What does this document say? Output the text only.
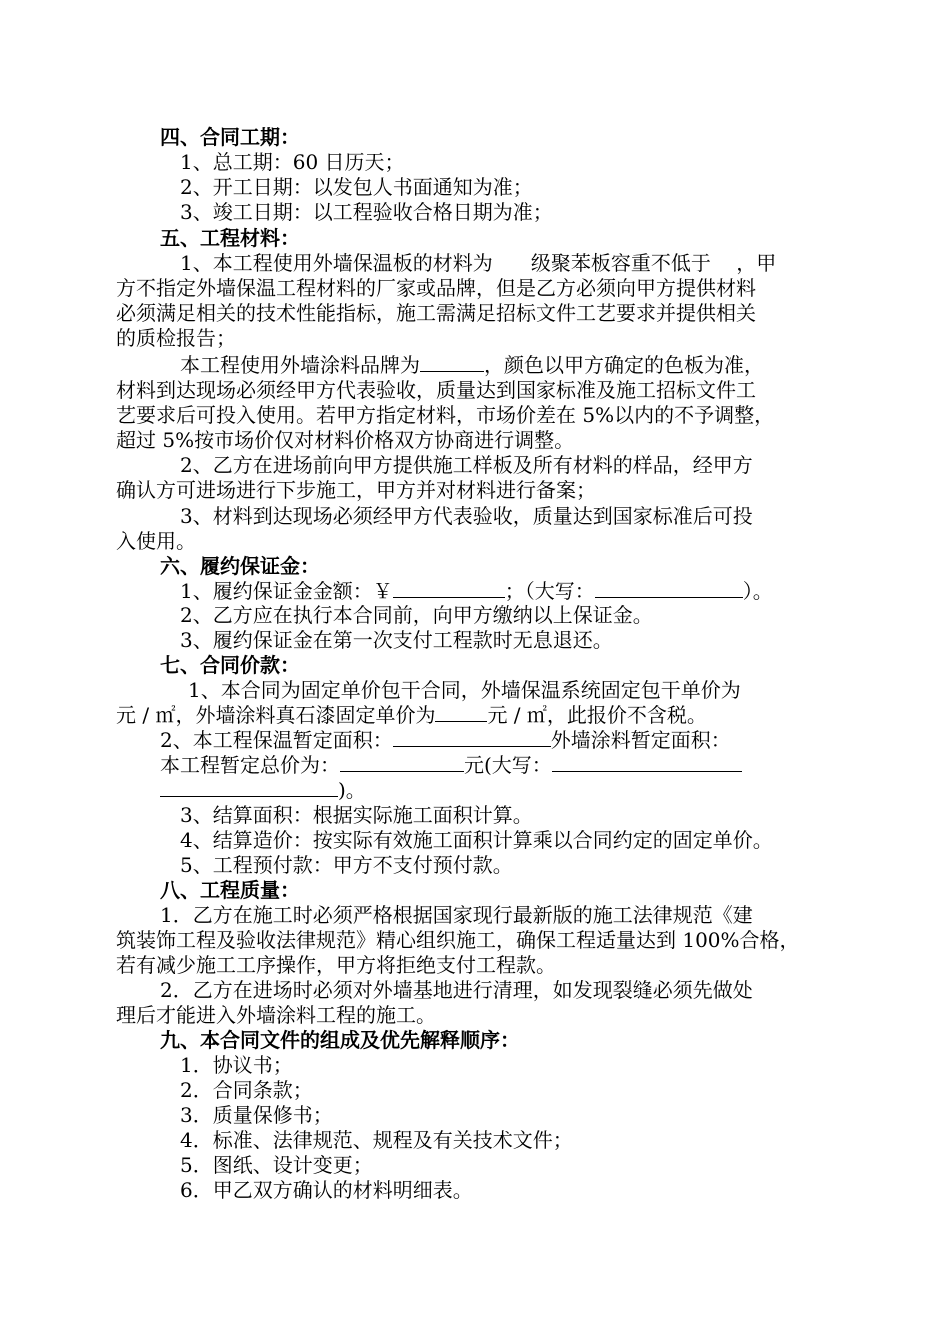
四、合同工期：
1、总工期：60 日历天；
2、开工日期：以发包人书面通知为准；
3、竣工日期：以工程验收合格日期为准；
五、工程材料：
1、本工程使用外墙保温板的材料为      级聚苯板容重不低于    ，甲
方不指定外墙保温工程材料的厂家或品牌，但是乙方必须向甲方提供材料
必须满足相关的技术性能指标，施工需满足招标文件工艺要求并提供相关
的质检报告；
本工程使用外墙涂料品牌为	，颜色以甲方确定的色板为准，
材料到达现场必须经甲方代表验收，质量达到国家标准及施工招标文件工
艺要求后可投入使用。若甲方指定材料，市场价差在 5%以内的不予调整，
超过 5%按市场价仅对材料价格双方协商进行调整。
2、乙方在进场前向甲方提供施工样板及所有材料的样品，经甲方
确认方可进场进行下步施工，甲方并对材料进行备案；
3、材料到达现场必须经甲方代表验收，质量达到国家标准后可投
入使用。
六、履约保证金：
1、履约保证金金额：￥	；（大写：	）。
2、乙方应在执行本合同前，向甲方缴纳以上保证金。
3、履约保证金在第一次支付工程款时无息退还。
七、合同价款：
1、本合同为固定单价包干合同，外墙保温系统固定包干单价为
元 / ㎡，外墙涂料真石漆固定单价为	元 / ㎡，此报价不含税。
2、本工程保温暂定面积：	外墙涂料暂定面积：
本工程暂定总价为：	元(大写：
)。
3、结算面积：根据实际施工面积计算。
4、结算造价：按实际有效施工面积计算乘以合同约定的固定单价。
5、工程预付款：甲方不支付预付款。
八、工程质量：
1．乙方在施工时必须严格根据国家现行最新版的施工法律规范《建
筑装饰工程及验收法律规范》精心组织施工，确保工程适量达到 100%合格，
若有减少施工工序操作，甲方将拒绝支付工程款。
2．乙方在进场时必须对外墙基地进行清理，如发现裂缝必须先做处
理后才能进入外墙涂料工程的施工。
九、本合同文件的组成及优先解释顺序：
1．协议书；
2．合同条款；
3．质量保修书；
4．标准、法律规范、规程及有关技术文件；
5．图纸、设计变更；
6．甲乙双方确认的材料明细表。
